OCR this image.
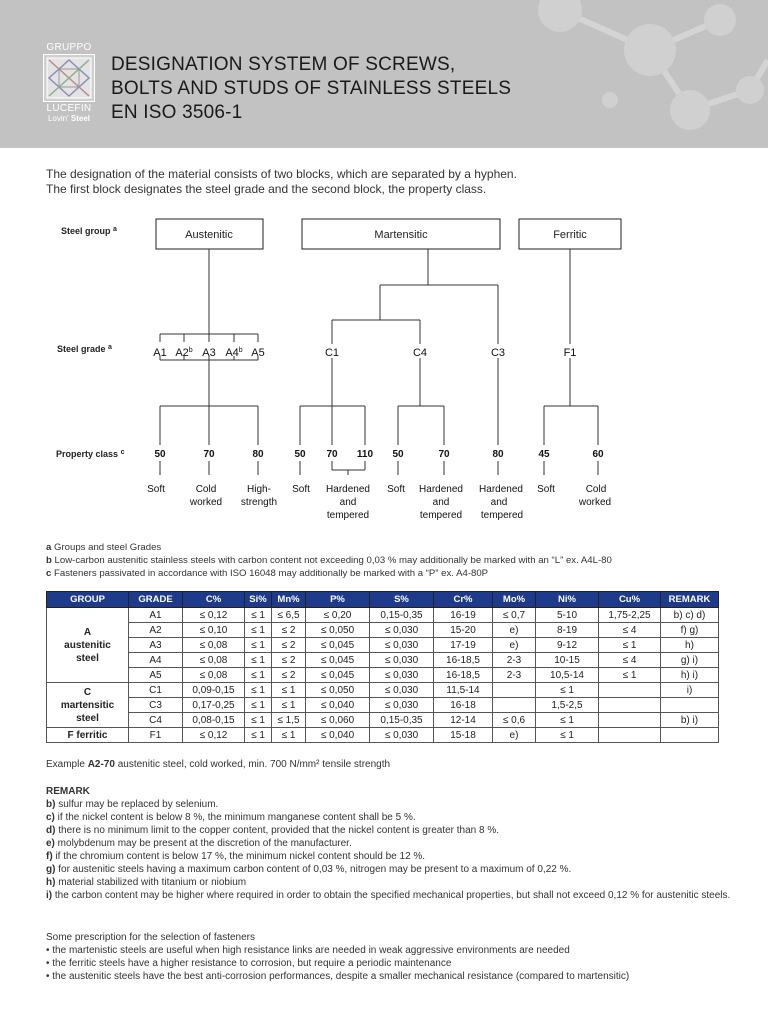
GRUPPO
LUCEFIN
Lovin' Steel
DESIGNATION SYSTEM OF SCREWS,
BOLTS AND STUDS OF STAINLESS STEELS
EN ISO 3506-1
The designation of the material consists of two blocks, which are separated by a hyphen.
The first block designates the steel grade and the second block, the property class.
Steel group $^a$
Steel grade $^a$
Property class $^c$
Austenitic	Martensitic	Ferritic
A1 A2$^b$ A3 A4$^b$ A5	C1	C4	C3	F1
50	70	80	50 70 110 50	70	80	45	60
Soft	Cold
worked
High-
strength
Soft Hardened
and
tempered
Soft Hardened
and
tempered
Hardened
and
tempered
Soft	Cold
worked
a Groups and steel Grades
b Low-carbon austenitic stainless steels with carbon content not exceeding 0,03 % may additionally be marked with an “L” ex. A4L-80
c Fasteners passivated in accordance with ISO 16048 may additionally be marked with a “P” ex. A4-80P
GROUP	GRADE	C%	Si%	Mn%	P%	S%	Cr%	Mo%	Ni%	Cu%	REMARK

A
austenitic
steel	A1	≤ 0,12	≤ 1	≤ 6,5	≤ 0,20	0,15-0,35	16-19	≤ 0,7	5-10	1,75-2,25	b) c) d)
	A2	≤ 0,10	≤ 1	≤ 2	≤ 0,050	≤ 0,030	15-20	e)	8-19	≤ 4	f) g)
	A3	≤ 0,08	≤ 1	≤ 2	≤ 0,045	≤ 0,030	17-19	e)	9-12	≤ 1	h)
	A4	≤ 0,08	≤ 1	≤ 2	≤ 0,045	≤ 0,030	16-18,5	2-3	10-15	≤ 4	g) i)
	A5	≤ 0,08	≤ 1	≤ 2	≤ 0,045	≤ 0,030	16-18,5	2-3	10,5-14	≤ 1	h) i)

C
martensitic
steel	C1	0,09-0,15	≤ 1	≤ 1	≤ 0,050	≤ 0,030	11,5-14		≤ 1		i)
	C3	0,17-0,25	≤ 1	≤ 1	≤ 0,040	≤ 0,030	16-18		1,5-2,5		
	C4	0,08-0,15	≤ 1	≤ 1,5	≤ 0,060	0,15-0,35	12-14	≤ 0,6	≤ 1		b) i)
F ferritic	F1	≤ 0,12	≤ 1	≤ 1	≤ 0,040	≤ 0,030	15-18	e)	≤ 1		
Example A2-70 austenitic steel, cold worked, min. 700 N/mm² tensile strength
REMARK
b) sulfur may be replaced by selenium.
c) if the nickel content is below 8 %, the minimum manganese content shall be 5 %.
d) there is no minimum limit to the copper content, provided that the nickel content is greater than 8 %.
e) molybdenum may be present at the discretion of the manufacturer.
f) if the chromium content is below 17 %, the minimum nickel content should be 12 %.
g) for austenitic steels having a maximum carbon content of 0,03 %, nitrogen may be present to a maximum of 0,22 %.
h) material stabilized with titanium or niobium
i) the carbon content may be higher where required in order to obtain the specified mechanical properties, but shall not exceed 0,12 % for austenitic steels.
Some prescription for the selection of fasteners
• the martenistic steels are useful when high resistance links are needed in weak aggressive environments are needed
• the ferritic steels have a higher resistance to corrosion, but require a periodic maintenance
• the austenitic steels have the best anti-corrosion performances, despite a smaller mechanical resistance (compared to martensitic)
